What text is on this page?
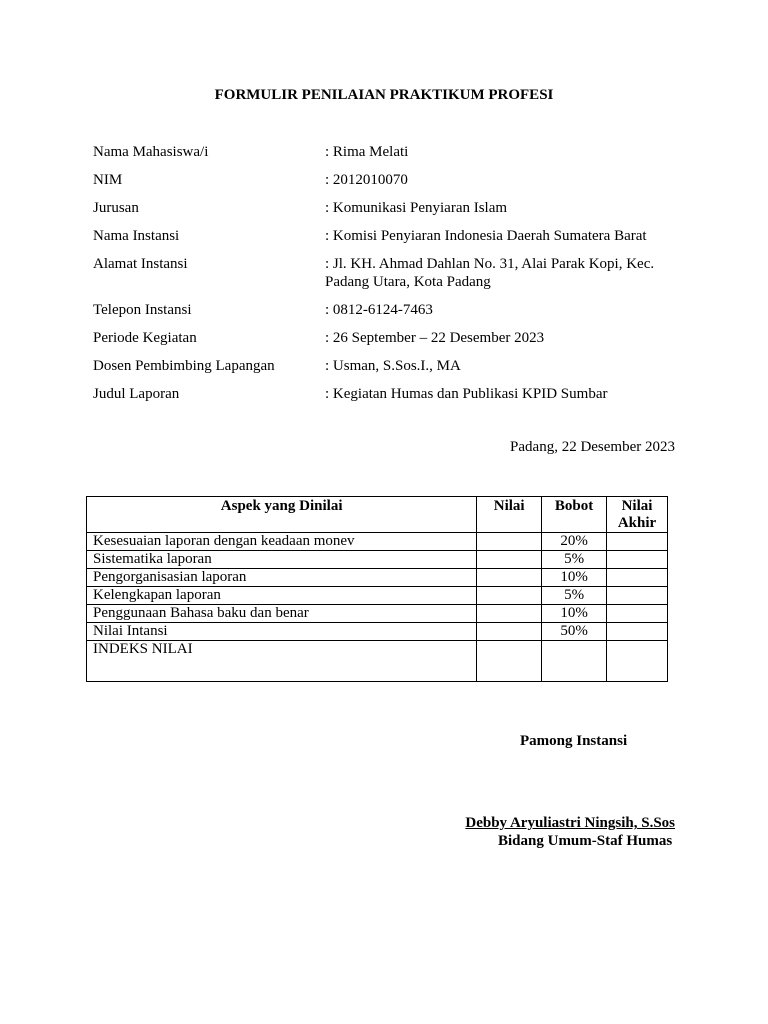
FORMULIR PENILAIAN PRAKTIKUM PROFESI
Nama Mahasiswa/i	: Rima Melati
NIM	: 2012010070
Jurusan	: Komunikasi Penyiaran Islam
Nama Instansi	: Komisi Penyiaran Indonesia Daerah Sumatera Barat
Alamat Instansi	: Jl. KH. Ahmad Dahlan No. 31, Alai Parak Kopi, Kec. Padang Utara, Kota Padang
Telepon Instansi	: 0812-6124-7463
Periode Kegiatan	: 26 September – 22 Desember 2023
Dosen Pembimbing Lapangan	: Usman, S.Sos.I., MA
Judul Laporan	: Kegiatan Humas dan Publikasi KPID Sumbar
Padang, 22 Desember 2023
Aspek yang Dinilai	Nilai	Bobot	Nilai Akhir
Kesesuaian laporan dengan keadaan monev		20%	
Sistematika laporan		5%	
Pengorganisasian laporan		10%	
Kelengkapan laporan		5%	
Penggunaan Bahasa baku dan benar		10%	
Nilai Intansi		50%	
INDEKS NILAI			
Pamong Instansi
Debby Aryuliastri Ningsih, S.Sos
Bidang Umum-Staf Humas
